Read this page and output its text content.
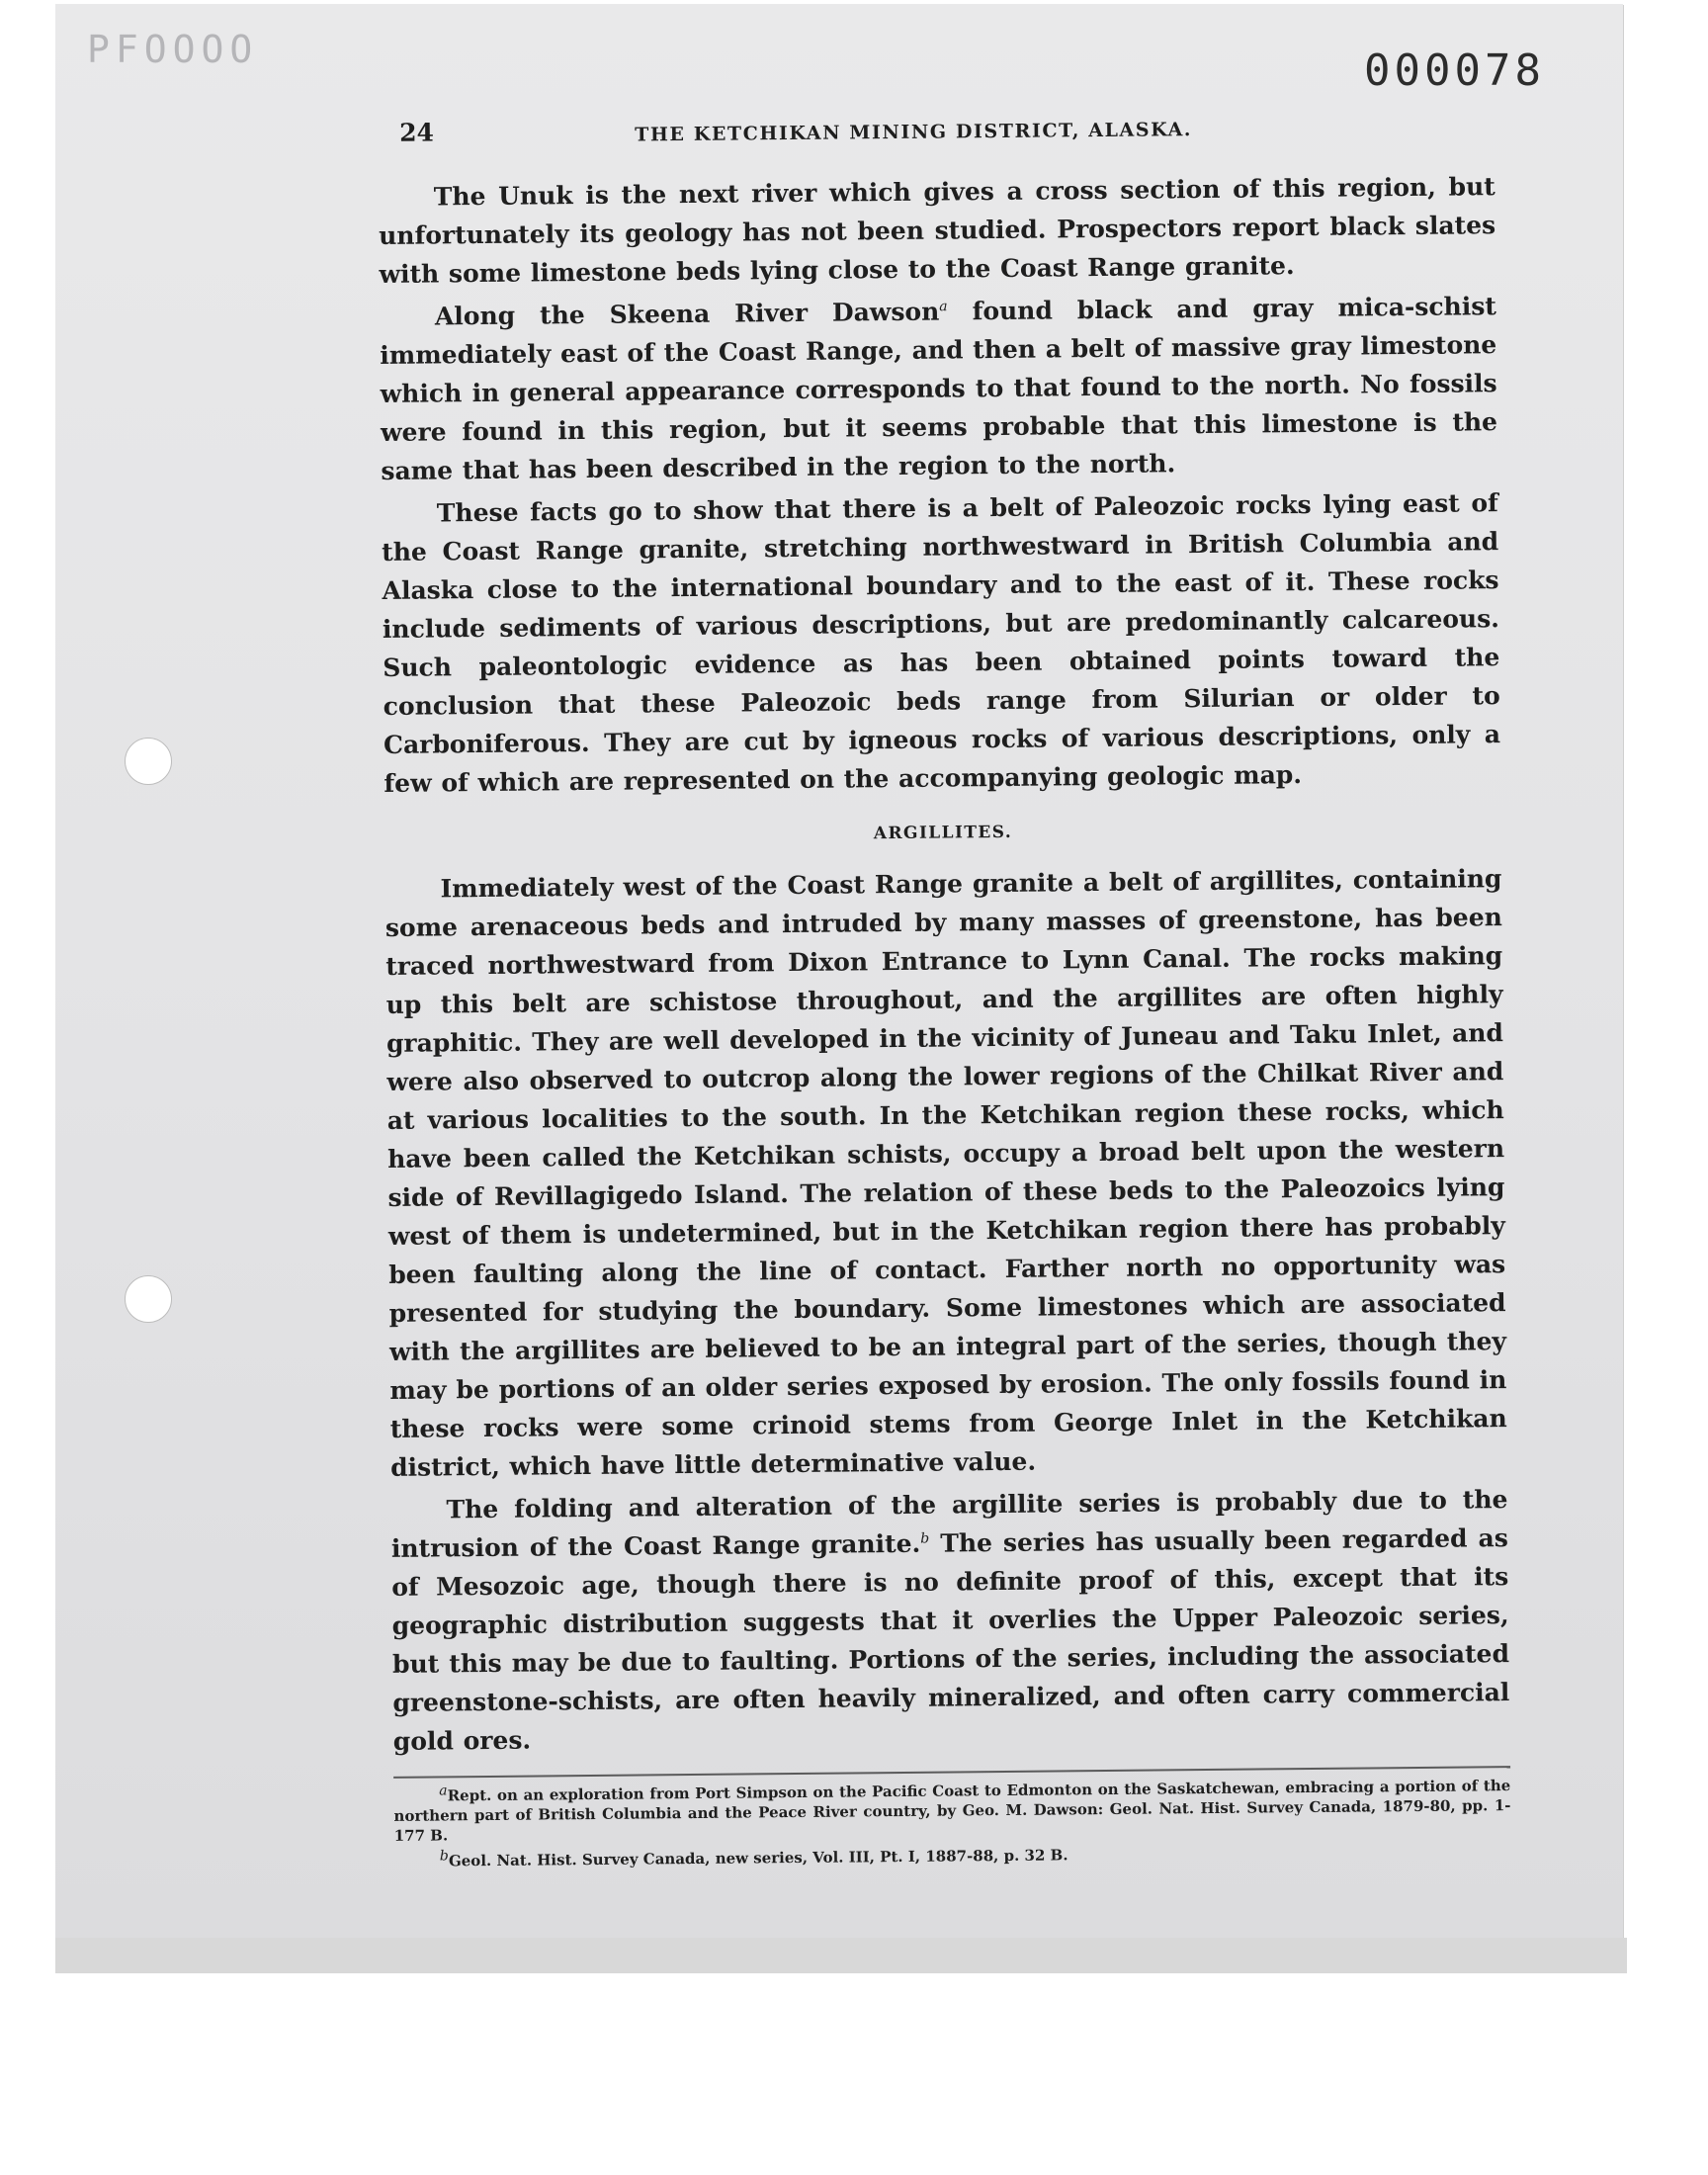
PFOOOO	000078
24	THE KETCHIKAN MINING DISTRICT, ALASKA.

The Unuk is the next river which gives a cross section of this region, but unfortunately its geology has not been studied. Prospectors report black slates with some limestone beds lying close to the Coast Range granite.

Along the Skeena River Dawson$^a$ found black and gray mica-schist immediately east of the Coast Range, and then a belt of massive gray limestone which in general appearance corresponds to that found to the north. No fossils were found in this region, but it seems probable that this limestone is the same that has been described in the region to the north.

These facts go to show that there is a belt of Paleozoic rocks lying east of the Coast Range granite, stretching northwestward in British Columbia and Alaska close to the international boundary and to the east of it. These rocks include sediments of various descriptions, but are predominantly calcareous. Such paleontologic evidence as has been obtained points toward the conclusion that these Paleozoic beds range from Silurian or older to Carboniferous. They are cut by igneous rocks of various descriptions, only a few of which are represented on the accompanying geologic map.

ARGILLITES.

Immediately west of the Coast Range granite a belt of argillites, containing some arenaceous beds and intruded by many masses of greenstone, has been traced northwestward from Dixon Entrance to Lynn Canal. The rocks making up this belt are schistose throughout, and the argillites are often highly graphitic. They are well developed in the vicinity of Juneau and Taku Inlet, and were also observed to outcrop along the lower regions of the Chilkat River and at various localities to the south. In the Ketchikan region these rocks, which have been called the Ketchikan schists, occupy a broad belt upon the western side of Revillagigedo Island. The relation of these beds to the Paleozoics lying west of them is undetermined, but in the Ketchikan region there has probably been faulting along the line of contact. Farther north no opportunity was presented for studying the boundary. Some limestones which are associated with the argillites are believed to be an integral part of the series, though they may be portions of an older series exposed by erosion. The only fossils found in these rocks were some crinoid stems from George Inlet in the Ketchikan district, which have little determinative value.

The folding and alteration of the argillite series is probably due to the intrusion of the Coast Range granite.$^b$ The series has usually been regarded as of Mesozoic age, though there is no definite proof of this, except that its geographic distribution suggests that it overlies the Upper Paleozoic series, but this may be due to faulting. Portions of the series, including the associated greenstone-schists, are often heavily mineralized, and often carry commercial gold ores.

$^a$Rept. on an exploration from Port Simpson on the Pacific Coast to Edmonton on the Saskatchewan, embracing a portion of the northern part of British Columbia and the Peace River country, by Geo. M. Dawson: Geol. Nat. Hist. Survey Canada, 1879-80, pp. 1-177 B.

$^b$Geol. Nat. Hist. Survey Canada, new series, Vol. III, Pt. I, 1887-88, p. 32 B.
